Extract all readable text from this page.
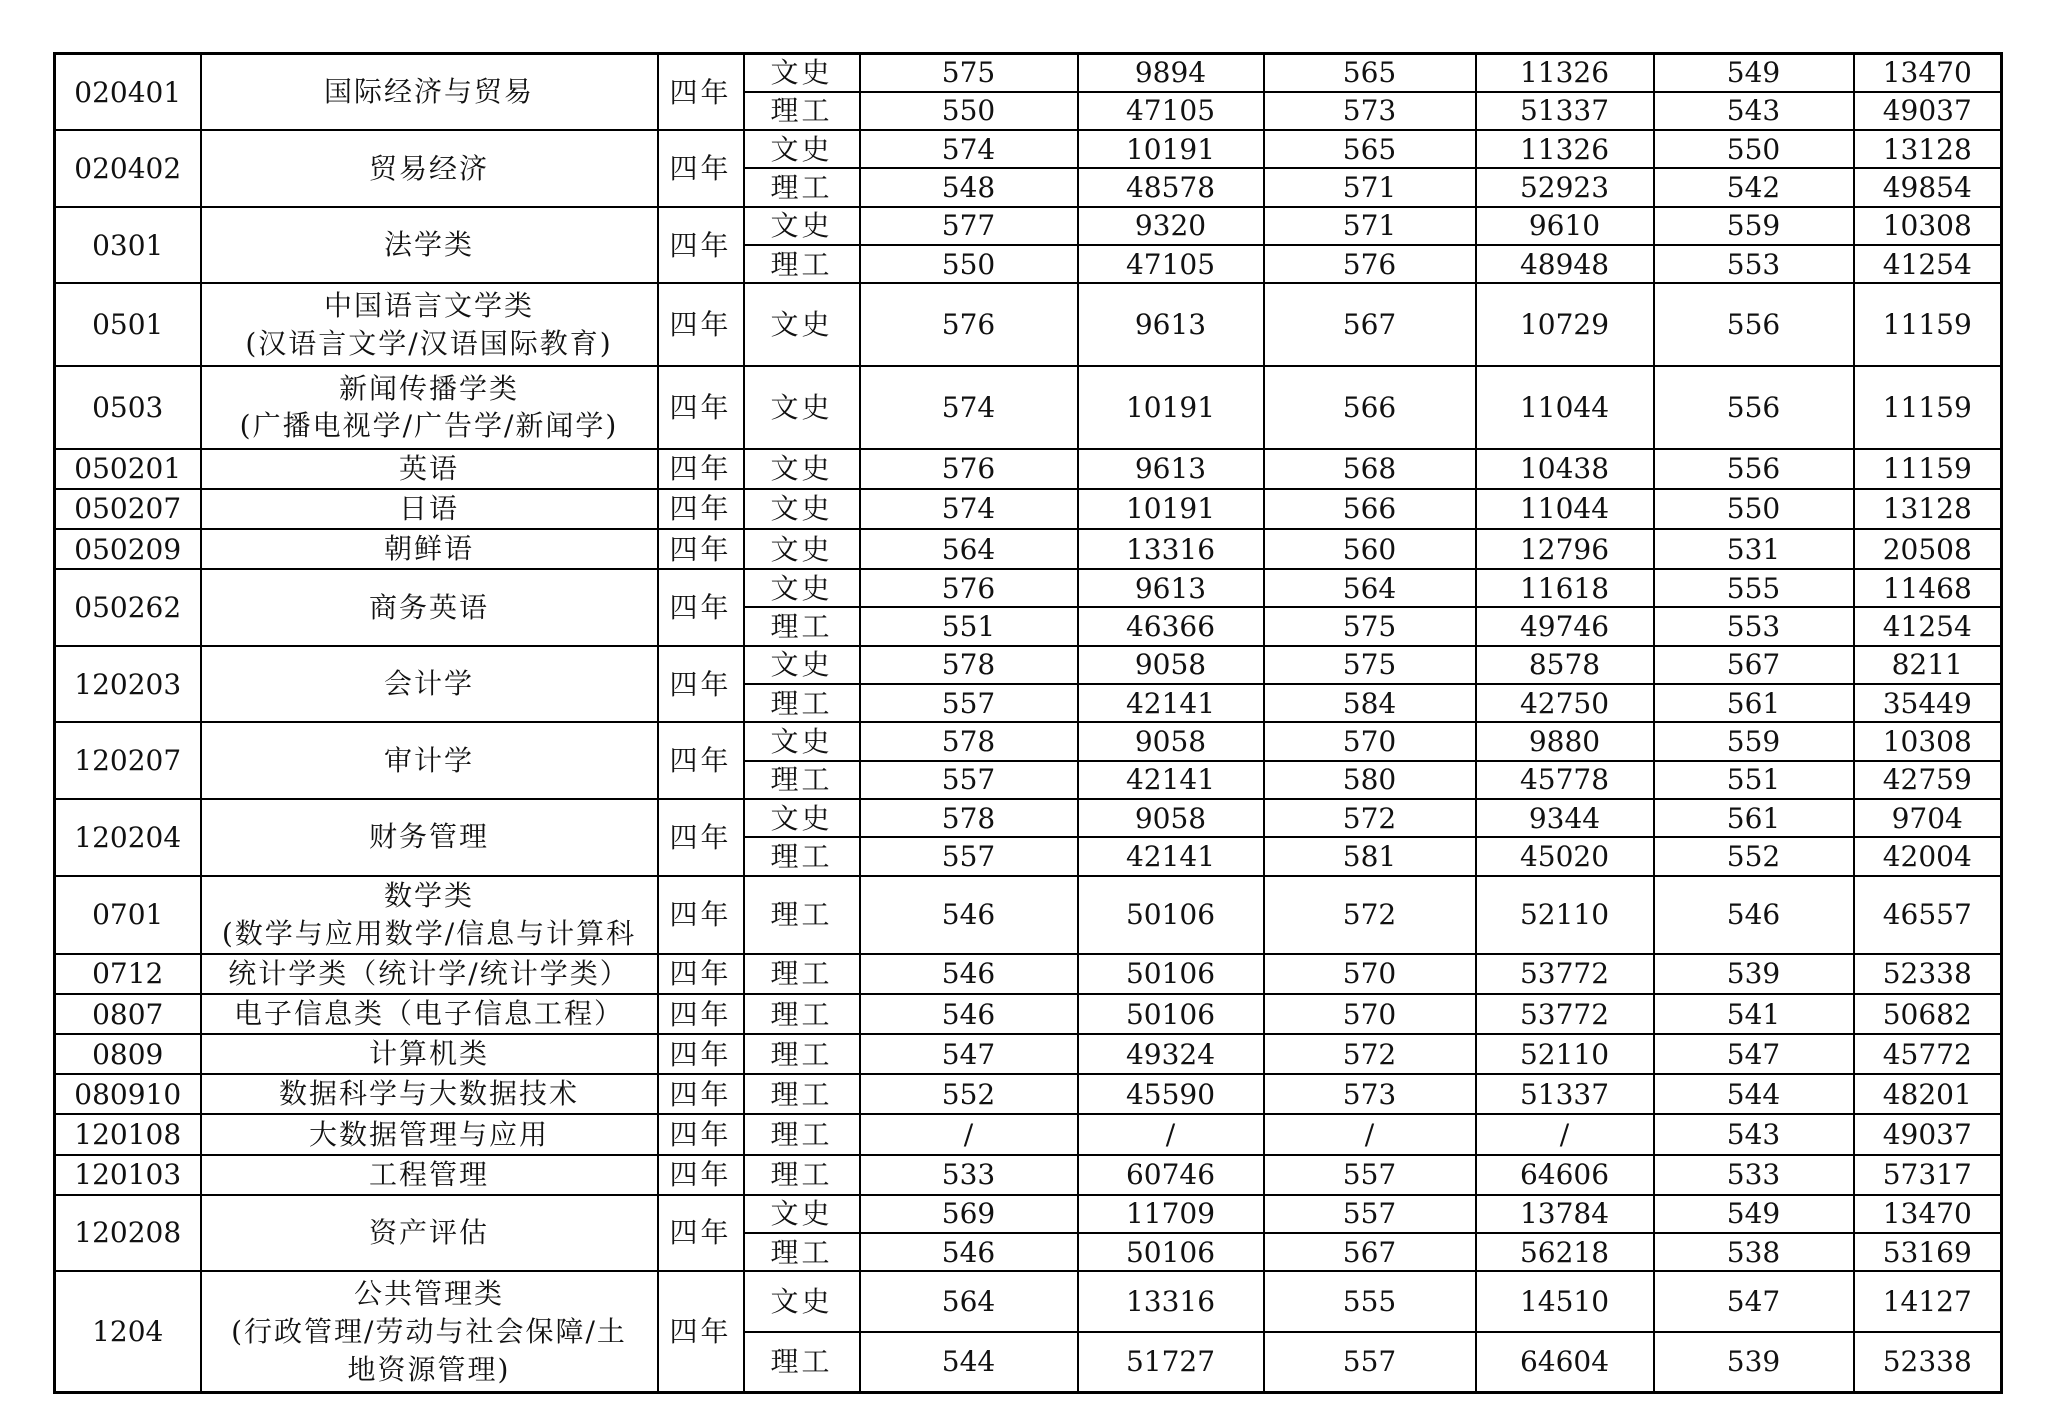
020401	国际经济与贸易	四年	文史	575	9894	565	11326	549	13470
			理工	550	47105	573	51337	543	49037
020402	贸易经济	四年	文史	574	10191	565	11326	550	13128
			理工	548	48578	571	52923	542	49854
0301	法学类	四年	文史	577	9320	571	9610	559	10308
			理工	550	47105	576	48948	553	41254
0501	中国语言文学类
(汉语言文学/汉语国际教育)	四年	文史	576	9613	567	10729	556	11159
0503	新闻传播学类
(广播电视学/广告学/新闻学)	四年	文史	574	10191	566	11044	556	11159
050201	英语	四年	文史	576	9613	568	10438	556	11159
050207	日语	四年	文史	574	10191	566	11044	550	13128
050209	朝鲜语	四年	文史	564	13316	560	12796	531	20508
050262	商务英语	四年	文史	576	9613	564	11618	555	11468
			理工	551	46366	575	49746	553	41254
120203	会计学	四年	文史	578	9058	575	8578	567	8211
			理工	557	42141	584	42750	561	35449
120207	审计学	四年	文史	578	9058	570	9880	559	10308
			理工	557	42141	580	45778	551	42759
120204	财务管理	四年	文史	578	9058	572	9344	561	9704
			理工	557	42141	581	45020	552	42004
0701	数学类
(数学与应用数学/信息与计算科	四年	理工	546	50106	572	52110	546	46557
0712	统计学类（统计学/统计学类）	四年	理工	546	50106	570	53772	539	52338
0807	电子信息类（电子信息工程）	四年	理工	546	50106	570	53772	541	50682
0809	计算机类	四年	理工	547	49324	572	52110	547	45772
080910	数据科学与大数据技术	四年	理工	552	45590	573	51337	544	48201
120108	大数据管理与应用	四年	理工	/	/	/	/	543	49037
120103	工程管理	四年	理工	533	60746	557	64606	533	57317
120208	资产评估	四年	文史	569	11709	557	13784	549	13470
			理工	546	50106	567	56218	538	53169
1204	公共管理类
(行政管理/劳动与社会保障/土
地资源管理)	四年	文史	564	13316	555	14510	547	14127
			理工	544	51727	557	64604	539	52338
